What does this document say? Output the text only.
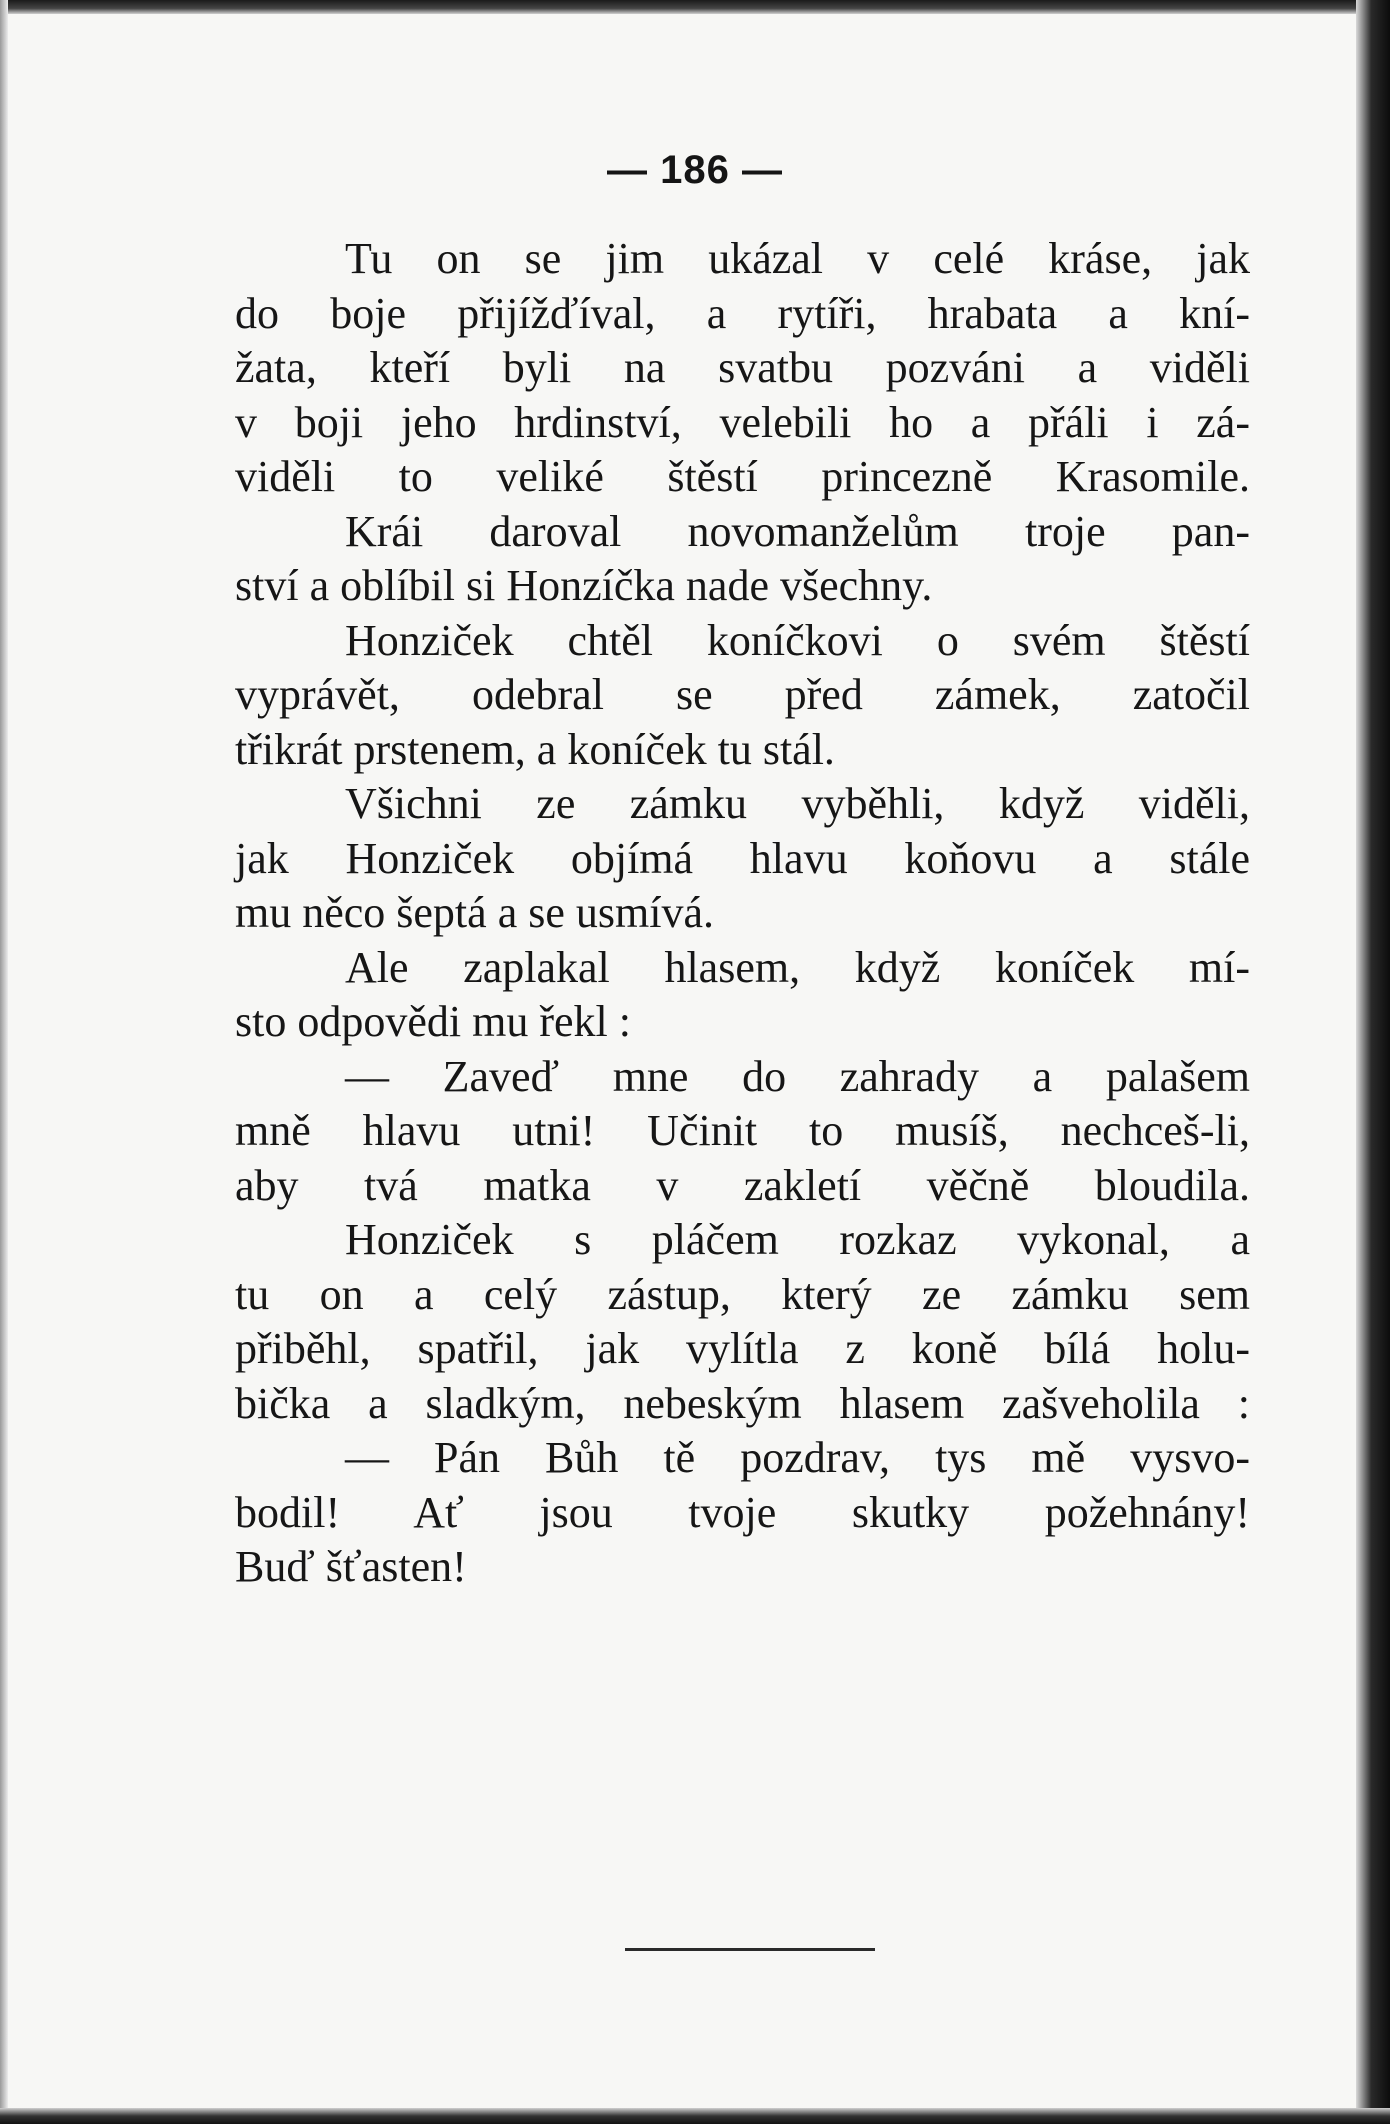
— 186 —
Tu on se jim ukázal v celé kráse, jak
do boje přijížďíval, a rytíři, hrabata a kní-
žata, kteří byli na svatbu pozváni a viděli
v boji jeho hrdinství, velebili ho a přáli i zá-
viděli to veliké štěstí princezně Krasomile.
Krái daroval novomanželům troje pan-
ství a oblíbil si Honzíčka nade všechny.
Honziček chtěl koníčkovi o svém štěstí
vyprávět, odebral se před zámek, zatočil
třikrát prstenem, a koníček tu stál.
Všichni ze zámku vyběhli, když viděli,
jak Honziček objímá hlavu koňovu a stále
mu něco šeptá a se usmívá.
Ale zaplakal hlasem, když koníček mí-
sto odpovědi mu řekl :
— Zaveď mne do zahrady a palašem
mně hlavu utni! Učinit to musíš, nechceš-li,
aby tvá matka v zakletí věčně bloudila.
Honziček s pláčem rozkaz vykonal, a
tu on a celý zástup, který ze zámku sem
přiběhl, spatřil, jak vylítla z koně bílá holu-
bička a sladkým, nebeským hlasem zašveholila :
— Pán Bůh tě pozdrav, tys mě vysvo-
bodil! Ať jsou tvoje skutky požehnány!
Buď šťasten!
